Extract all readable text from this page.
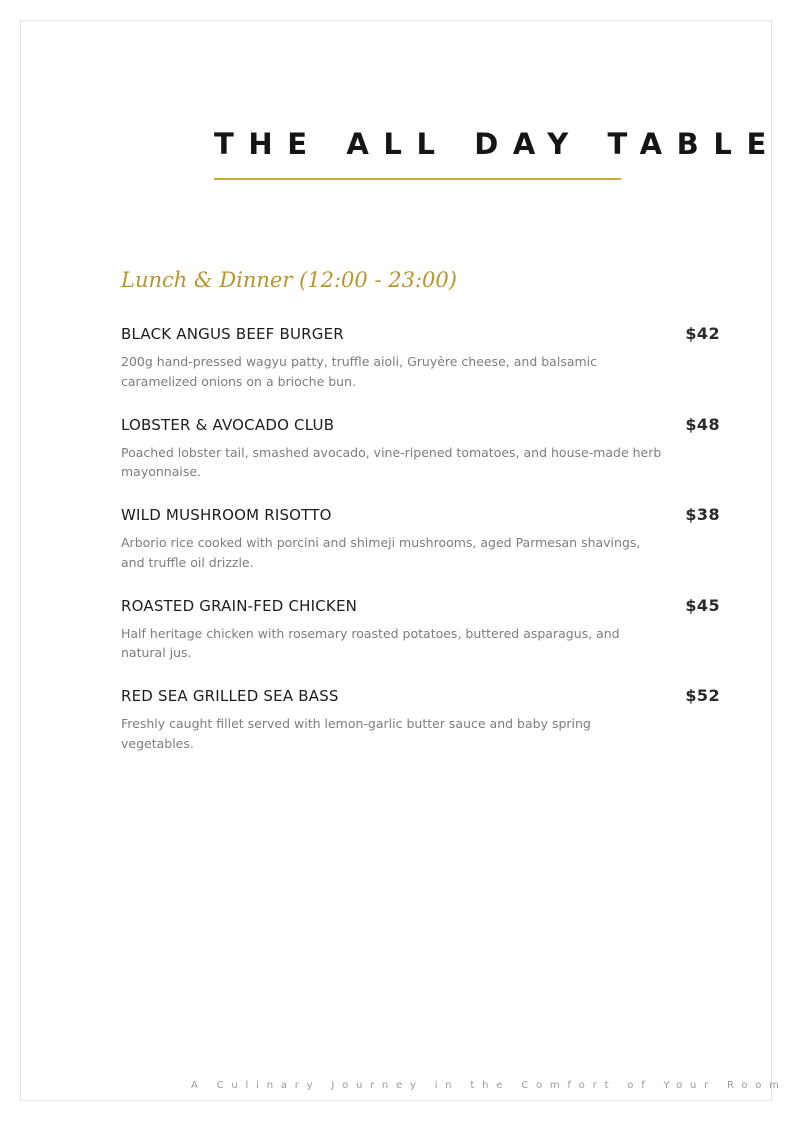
THE ALL DAY TABLE
Lunch & Dinner (12:00 - 23:00)
BLACK ANGUS BEEF BURGER	$42

200g hand-pressed wagyu patty, truffle aioli, Gruyère cheese, and balsamic caramelized onions on a brioche bun.

LOBSTER & AVOCADO CLUB	$48

Poached lobster tail, smashed avocado, vine-ripened tomatoes, and house-made herb mayonnaise.

WILD MUSHROOM RISOTTO	$38

Arborio rice cooked with porcini and shimeji mushrooms, aged Parmesan shavings, and truffle oil drizzle.

ROASTED GRAIN-FED CHICKEN	$45

Half heritage chicken with rosemary roasted potatoes, buttered asparagus, and natural jus.

RED SEA GRILLED SEA BASS	$52

Freshly caught fillet served with lemon-garlic butter sauce and baby spring vegetables.

A Culinary Journey in the Comfort of Your Room
